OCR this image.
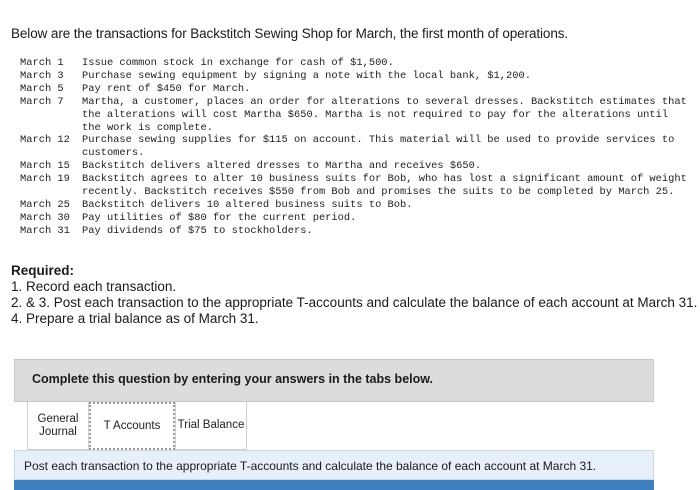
Below are the transactions for Backstitch Sewing Shop for March, the first month of operations.
March 1	Issue common stock in exchange for cash of $1,500.
March 3	Purchase sewing equipment by signing a note with the local bank, $1,200.
March 5	Pay rent of $450 for March.
March 7	Martha, a customer, places an order for alterations to several dresses. Backstitch estimates that the alterations will cost Martha $650. Martha is not required to pay for the alterations until the work is complete.
March 12	Purchase sewing supplies for $115 on account. This material will be used to provide services to customers.
March 15	Backstitch delivers altered dresses to Martha and receives $650.
March 19	Backstitch agrees to alter 10 business suits for Bob, who has lost a significant amount of weight recently. Backstitch receives $550 from Bob and promises the suits to be completed by March 25.
March 25	Backstitch delivers 10 altered business suits to Bob.
March 30	Pay utilities of $80 for the current period.
March 31	Pay dividends of $75 to stockholders.
Required:
1. Record each transaction.
2. & 3. Post each transaction to the appropriate T-accounts and calculate the balance of each account at March 31.
4. Prepare a trial balance as of March 31.
Complete this question by entering your answers in the tabs below.
General Journal	T Accounts	Trial Balance
Post each transaction to the appropriate T-accounts and calculate the balance of each account at March 31.
